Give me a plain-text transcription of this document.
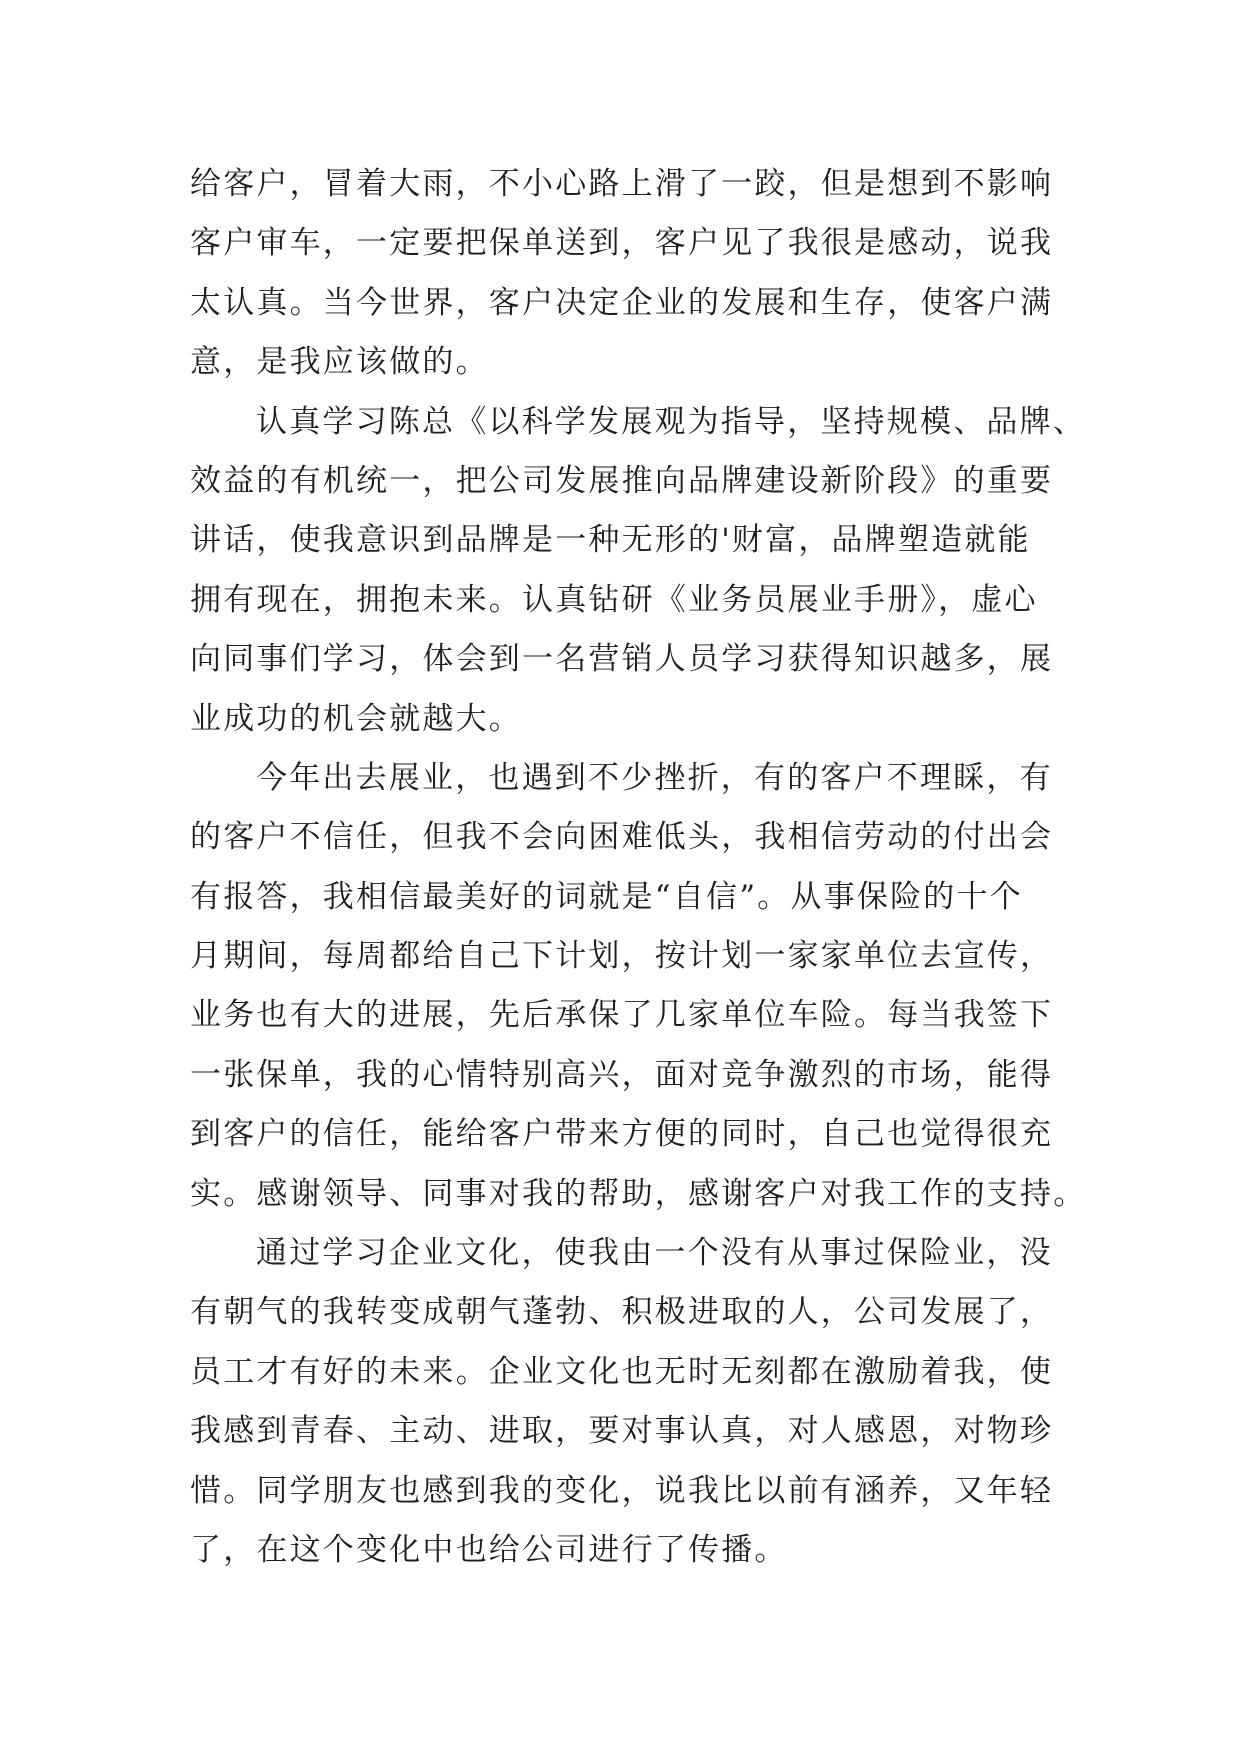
给客户，冒着大雨，不小心路上滑了一跤，但是想到不影响
客户审车，一定要把保单送到，客户见了我很是感动，说我
太认真。当今世界，客户决定企业的发展和生存，使客户满
意，是我应该做的。
认真学习陈总《以科学发展观为指导，坚持规模、品牌、
效益的有机统一，把公司发展推向品牌建设新阶段》的重要
讲话，使我意识到品牌是一种无形的'财富，品牌塑造就能
拥有现在，拥抱未来。认真钻研《业务员展业手册》，虚心
向同事们学习，体会到一名营销人员学习获得知识越多，展
业成功的机会就越大。
今年出去展业，也遇到不少挫折，有的客户不理睬，有
的客户不信任，但我不会向困难低头，我相信劳动的付出会
有报答，我相信最美好的词就是“自信”。从事保险的十个
月期间，每周都给自己下计划，按计划一家家单位去宣传，
业务也有大的进展，先后承保了几家单位车险。每当我签下
一张保单，我的心情特别高兴，面对竞争激烈的市场，能得
到客户的信任，能给客户带来方便的同时，自己也觉得很充
实。感谢领导、同事对我的帮助，感谢客户对我工作的支持。
通过学习企业文化，使我由一个没有从事过保险业，没
有朝气的我转变成朝气蓬勃、积极进取的人，公司发展了，
员工才有好的未来。企业文化也无时无刻都在激励着我，使
我感到青春、主动、进取，要对事认真，对人感恩，对物珍
惜。同学朋友也感到我的变化，说我比以前有涵养，又年轻
了，在这个变化中也给公司进行了传播。
